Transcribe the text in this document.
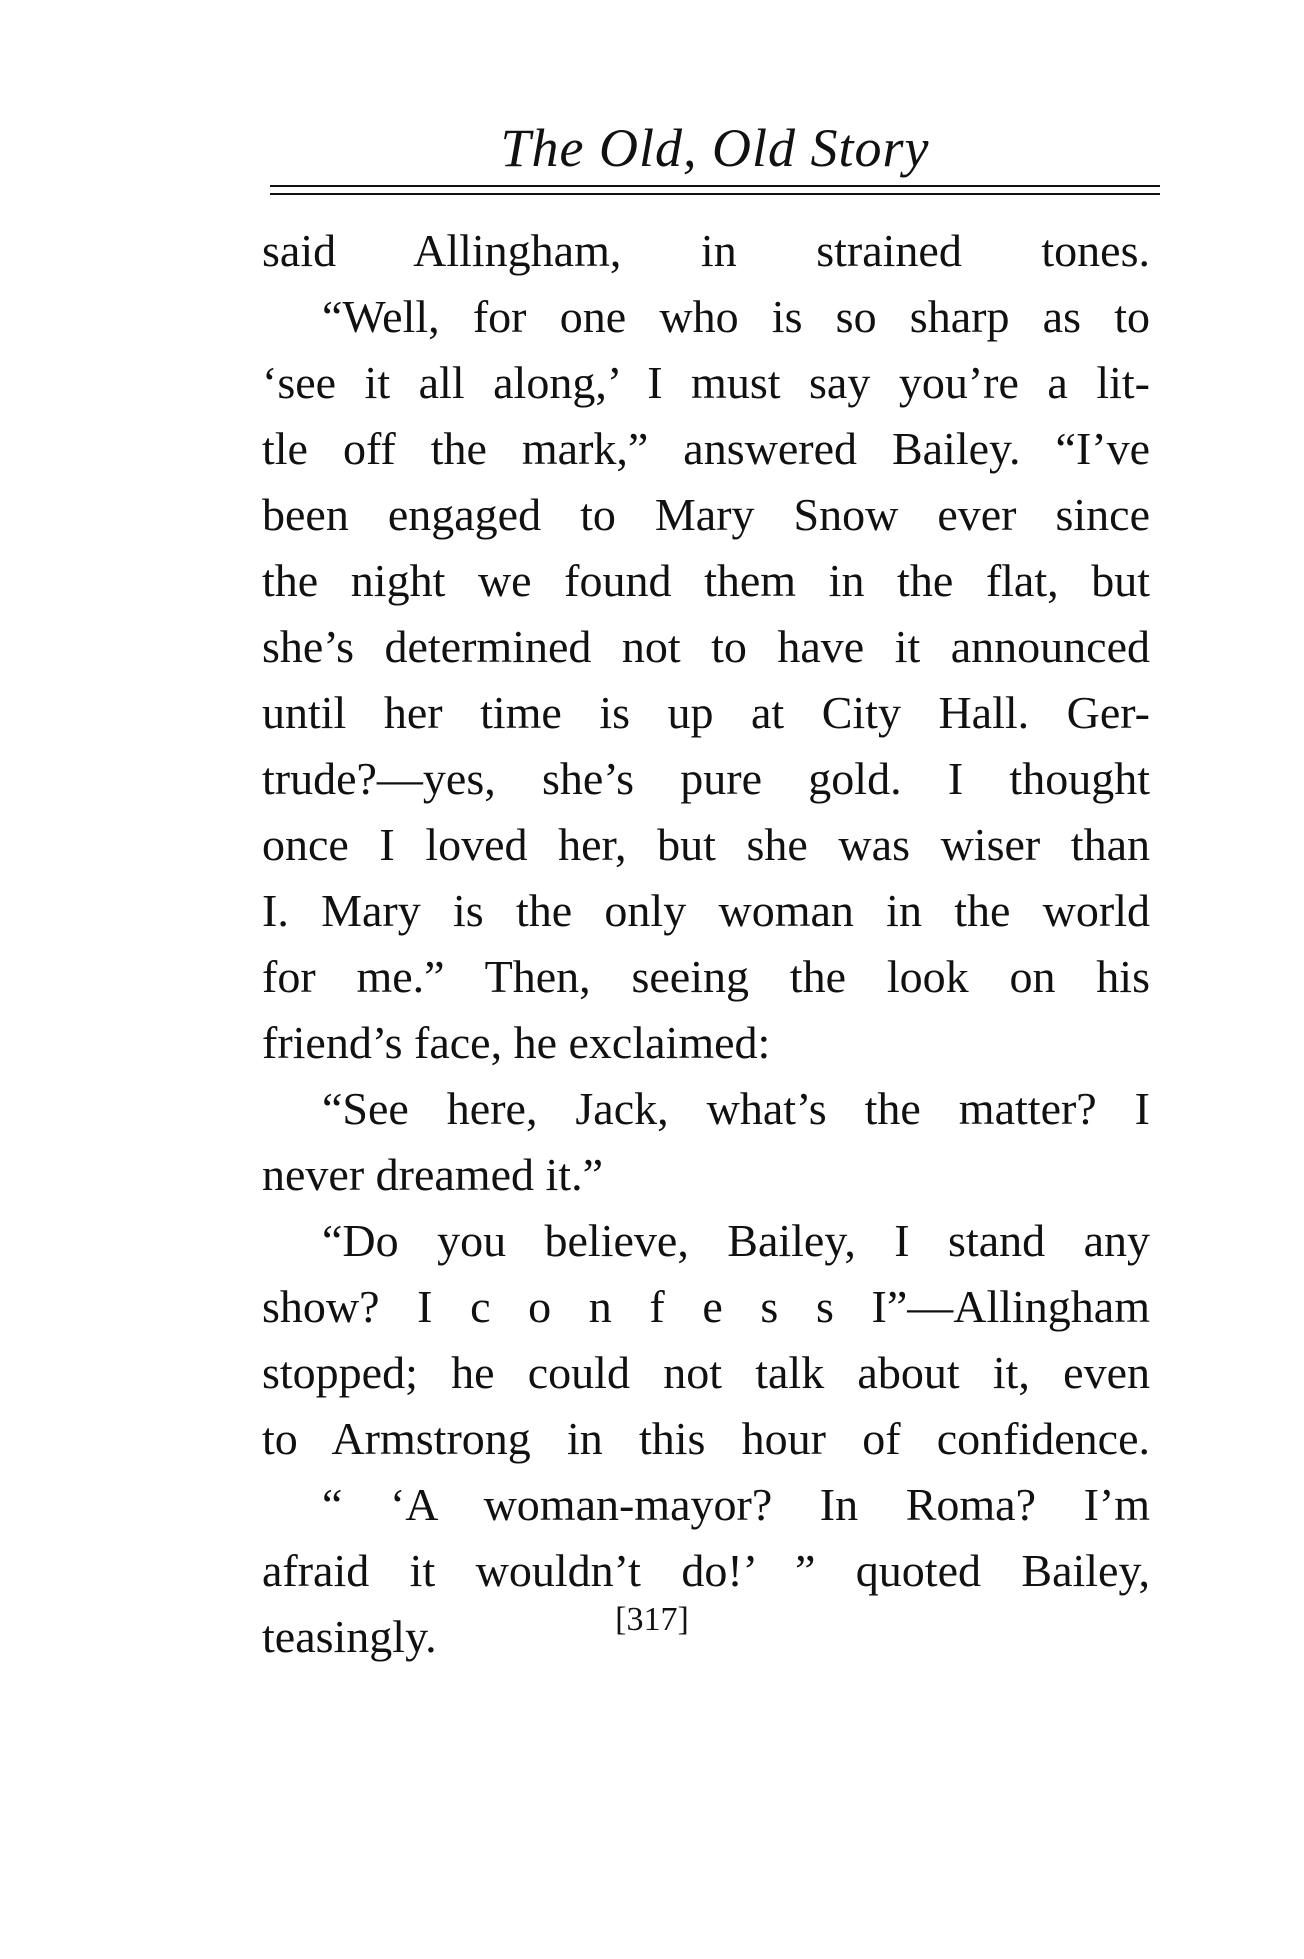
The Old, Old Story
said Allingham, in strained tones.
“Well, for one who is so sharp as to
‘see it all along,’ I must say you’re a lit-
tle off the mark,” answered Bailey. “I’ve
been engaged to Mary Snow ever since
the night we found them in the flat, but
she’s determined not to have it announced
until her time is up at City Hall. Ger-
trude?—yes, she’s pure gold. I thought
once I loved her, but she was wiser than
I. Mary is the only woman in the world
for me.” Then, seeing the look on his
friend’s face, he exclaimed:
“See here, Jack, what’s the matter? I
never dreamed it.”
“Do you believe, Bailey, I stand any
show? I c o n f e s s I”—Allingham
stopped; he could not talk about it, even
to Armstrong in this hour of confidence.
“ ‘A woman-mayor? In Roma? I’m
afraid it wouldn’t do!’ ” quoted Bailey,
teasingly.	[317]
